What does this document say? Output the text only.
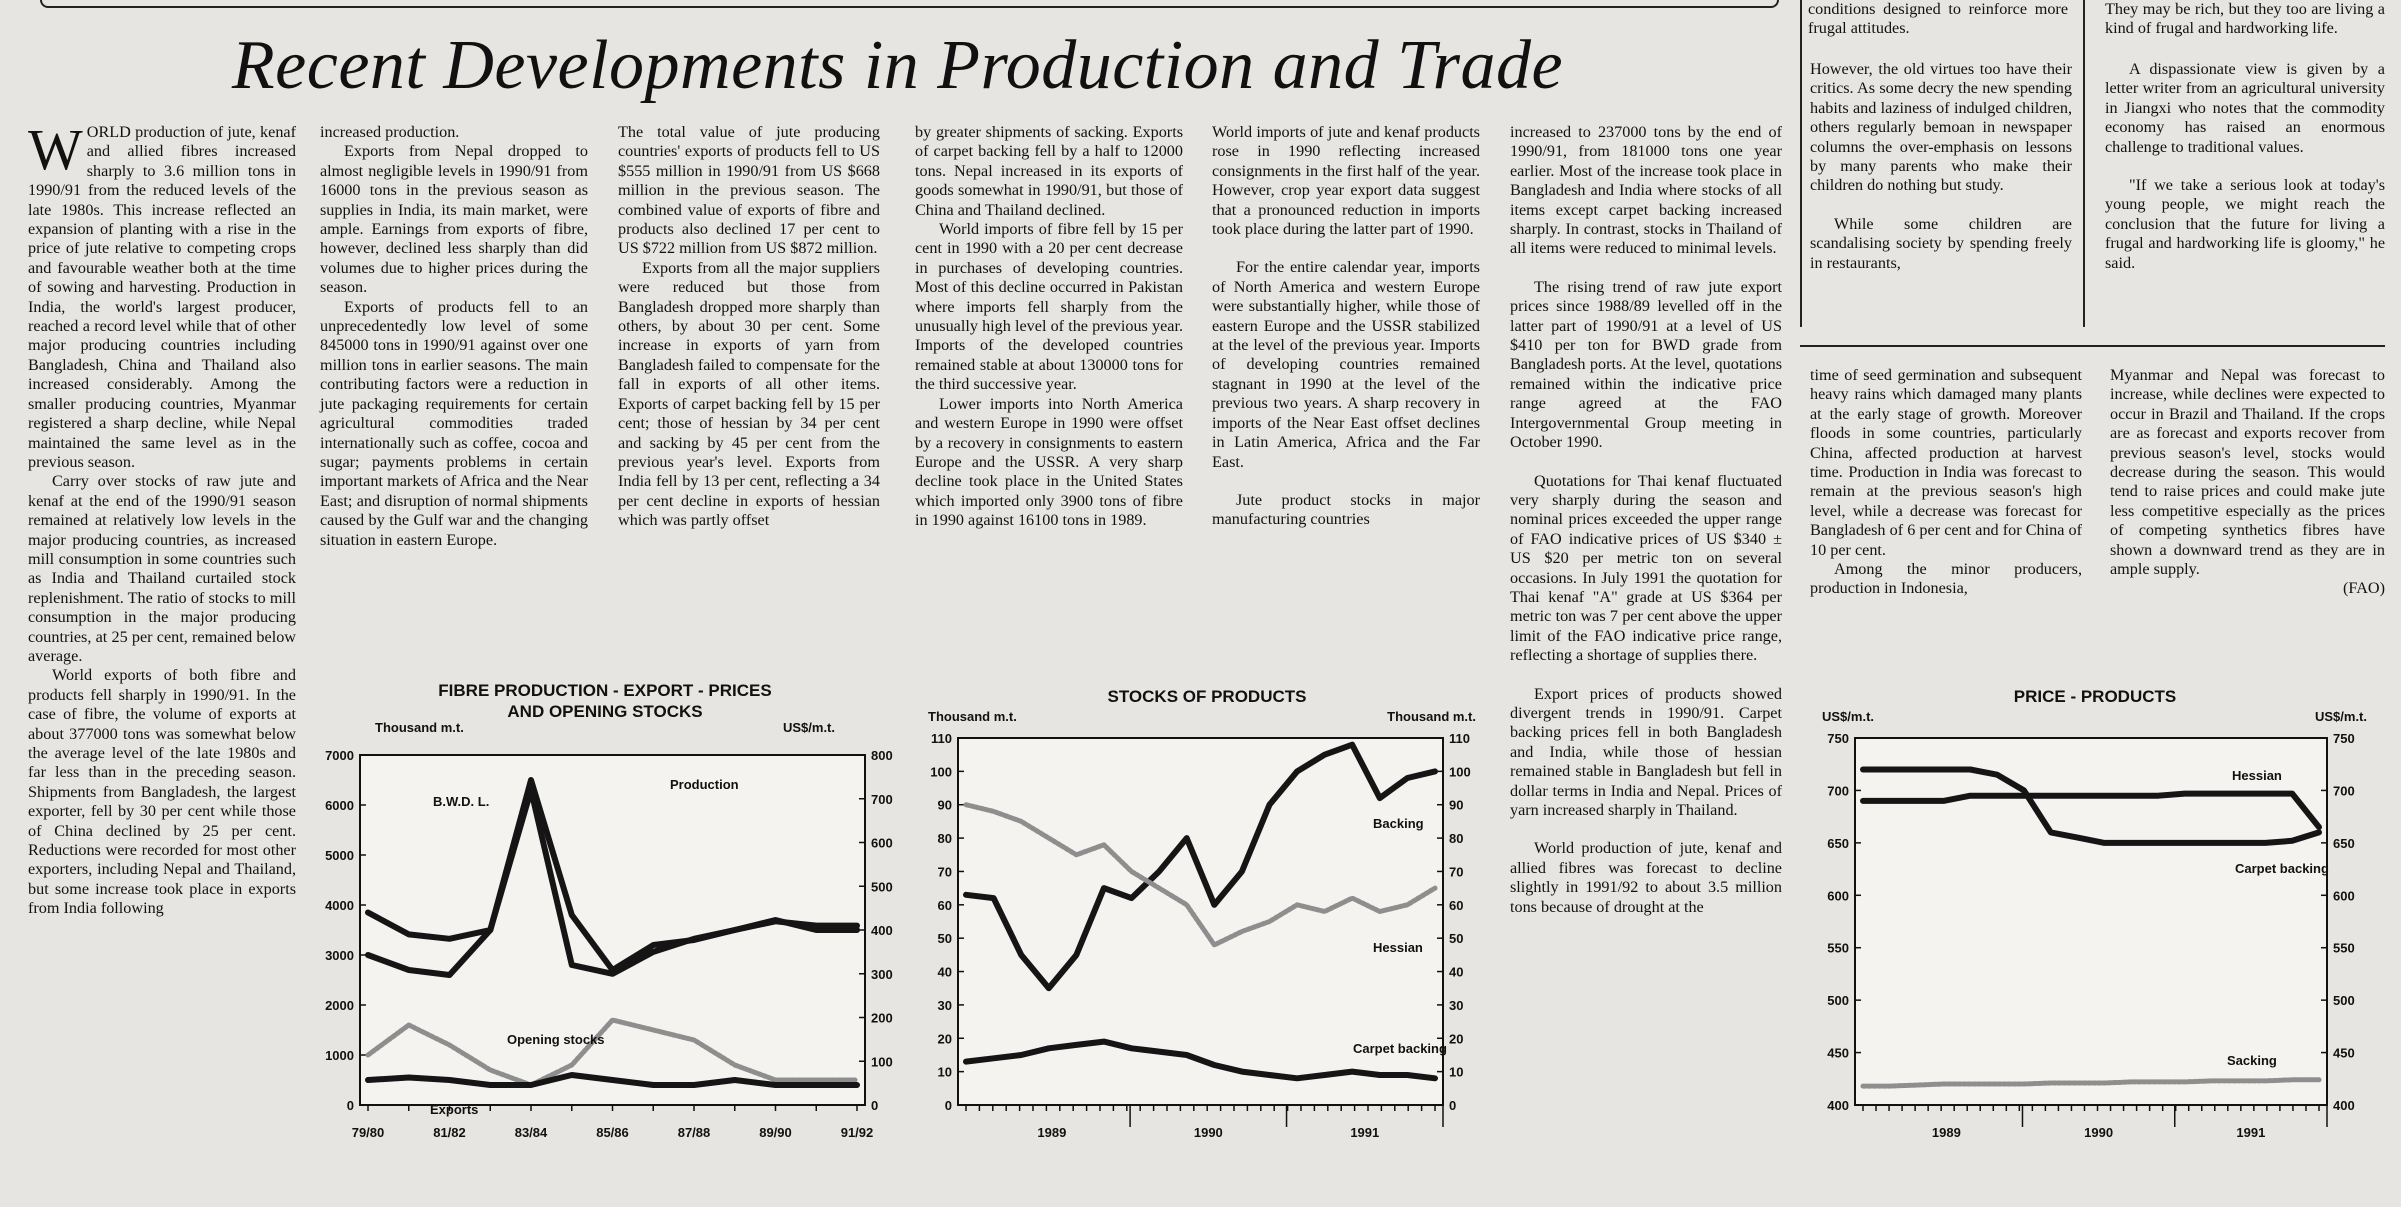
conditions designed to reinforce more frugal attitudes.
They may be rich, but they too are living a kind of frugal and hardworking life.
Recent Developments in Production and Trade

WORLD production of jute, kenaf and allied fibres increased sharply to 3.6 million tons in 1990/91 from the reduced levels of the late 1980s. This increase reflected an expansion of planting with a rise in the price of jute relative to competing crops and favourable weather both at the time of sowing and harvesting. Production in India, the world's largest producer, reached a record level while that of other major producing countries including Bangladesh, China and Thailand also increased considerably. Among the smaller producing countries, Myanmar registered a sharp decline, while Nepal maintained the same level as in the previous season.

Carry over stocks of raw jute and kenaf at the end of the 1990/91 season remained at relatively low levels in the major producing countries, as increased mill consumption in some countries such as India and Thailand curtailed stock replenishment. The ratio of stocks to mill consumption in the major producing countries, at 25 per cent, remained below average.

World exports of both fibre and products fell sharply in 1990/91. In the case of fibre, the volume of exports at about 377000 tons was somewhat below the average level of the late 1980s and far less than in the preceding season. Shipments from Bangladesh, the largest exporter, fell by 30 per cent while those of China declined by 25 per cent. Reductions were recorded for most other exporters, including Nepal and Thailand, but some increase took place in exports from India following

increased production.

Exports from Nepal dropped to almost negligible levels in 1990/91 from 16000 tons in the previous season as supplies in India, its main market, were ample. Earnings from exports of fibre, however, declined less sharply than did volumes due to higher prices during the season.

Exports of products fell to an unprecedentedly low level of some 845000 tons in 1990/91 against over one million tons in earlier seasons. The main contributing factors were a reduction in jute packaging requirements for certain agricultural commodities traded internationally such as coffee, cocoa and sugar; payments problems in certain important markets of Africa and the Near East; and disruption of normal shipments caused by the Gulf war and the changing situation in eastern Europe.

The total value of jute producing countries' exports of products fell to US $555 million in 1990/91 from US $668 million in the previous season. The combined value of exports of fibre and products also declined 17 per cent to US $722 million from US $872 million.

Exports from all the major suppliers were reduced but those from Bangladesh dropped more sharply than others, by about 30 per cent. Some increase in exports of yarn from Bangladesh failed to compensate for the fall in exports of all other items. Exports of carpet backing fell by 15 per cent; those of hessian by 34 per cent and sacking by 45 per cent from the previous year's level. Exports from India fell by 13 per cent, reflecting a 34 per cent decline in exports of hessian which was partly offset

by greater shipments of sacking. Exports of carpet backing fell by a half to 12000 tons. Nepal increased in its exports of goods somewhat in 1990/91, but those of China and Thailand declined.

World imports of fibre fell by 15 per cent in 1990 with a 20 per cent decrease in purchases of developing countries. Most of this decline occurred in Pakistan where imports fell sharply from the unusually high level of the previous year. Imports of the developed countries remained stable at about 130000 tons for the third successive year.

Lower imports into North America and western Europe in 1990 were offset by a recovery in consignments to eastern Europe and the USSR. A very sharp decline took place in the United States which imported only 3900 tons of fibre in 1990 against 16100 tons in 1989.

World imports of jute and kenaf products rose in 1990 reflecting increased consignments in the first half of the year. However, crop year export data suggest that a pronounced reduction in imports took place during the latter part of 1990.

For the entire calendar year, imports of North America and western Europe were substantially higher, while those of eastern Europe and the USSR stabilized at the level of the previous year. Imports of developing countries remained stagnant in 1990 at the level of the previous two years. A sharp recovery in imports of the Near East offset declines in Latin America, Africa and the Far East.

Jute product stocks in major manufacturing countries

increased to 237000 tons by the end of 1990/91, from 181000 tons one year earlier. Most of the increase took place in Bangladesh and India where stocks of all items except carpet backing increased sharply. In contrast, stocks in Thailand of all items were reduced to minimal levels.

The rising trend of raw jute export prices since 1988/89 levelled off in the latter part of 1990/91 at a level of US $410 per ton for BWD grade from Bangladesh ports. At the level, quotations remained within the indicative price range agreed at the FAO Intergovernmental Group meeting in October 1990.

Quotations for Thai kenaf fluctuated very sharply during the season and nominal prices exceeded the upper range of FAO indicative prices of US $340 ± US $20 per metric ton on several occasions. In July 1991 the quotation for Thai kenaf "A" grade at US $364 per metric ton was 7 per cent above the upper limit of the FAO indicative price range, reflecting a shortage of supplies there.

Export prices of products showed divergent trends in 1990/91. Carpet backing prices fell in both Bangladesh and India, while those of hessian remained stable in Bangladesh but fell in dollar terms in India and Nepal. Prices of yarn increased sharply in Thailand.

World production of jute, kenaf and allied fibres was forecast to decline slightly in 1991/92 to about 3.5 million tons because of drought at the

However, the old virtues too have their critics. As some decry the new spending habits and laziness of indulged children, others regularly bemoan in newspaper columns the over-emphasis on lessons by many parents who make their children do nothing but study.

While some children are scandalising society by spending freely in restaurants,

A dispassionate view is given by a letter writer from an agricultural university in Jiangxi who notes that the commodity economy has raised an enormous challenge to traditional values.

"If we take a serious look at today's young people, we might reach the conclusion that the future for living a frugal and hardworking life is gloomy," he said.

time of seed germination and subsequent heavy rains which damaged many plants at the early stage of growth. Moreover floods in some countries, particularly China, affected production at harvest time. Production in India was forecast to remain at the previous season's high level, while a decrease was forecast for Bangladesh of 6 per cent and for China of 10 per cent.

Among the minor producers, production in Indonesia,

Myanmar and Nepal was forecast to increase, while declines were expected to occur in Brazil and Thailand. If the crops are as forecast and exports recover from previous season's level, stocks would decrease during the season. This would tend to raise prices and could make jute less competitive especially as the prices of competing synthetics fibres have shown a downward trend as they are in ample supply.

(FAO)

FIBRE PRODUCTION - EXPORT - PRICES AND OPENING STOCKS
Thousand m.t.	US$/m.t.
7000
6000
5000
4000
3000
2000
1000
0
800
700
600
500
400
300
200
100
0
79/80	81/82	83/84	85/86	87/88	89/90	91/92
B.W.D. L.
Production
Opening stocks
Exports
STOCKS OF PRODUCTS
Thousand m.t.	Thousand m.t.
110
100
90
80
70
60
50
40
30
20
10
0
110
100
90
80
70
60
50
40
30
20
10
0
1989	1990	1991
Backing
Hessian
Carpet backing
PRICE - PRODUCTS
US$/m.t.	US$/m.t.
750
700
650
600
550
500
450
400
750
700
650
600
550
500
450
400
1989	1990	1991
Hessian
Carpet backing
Sacking
